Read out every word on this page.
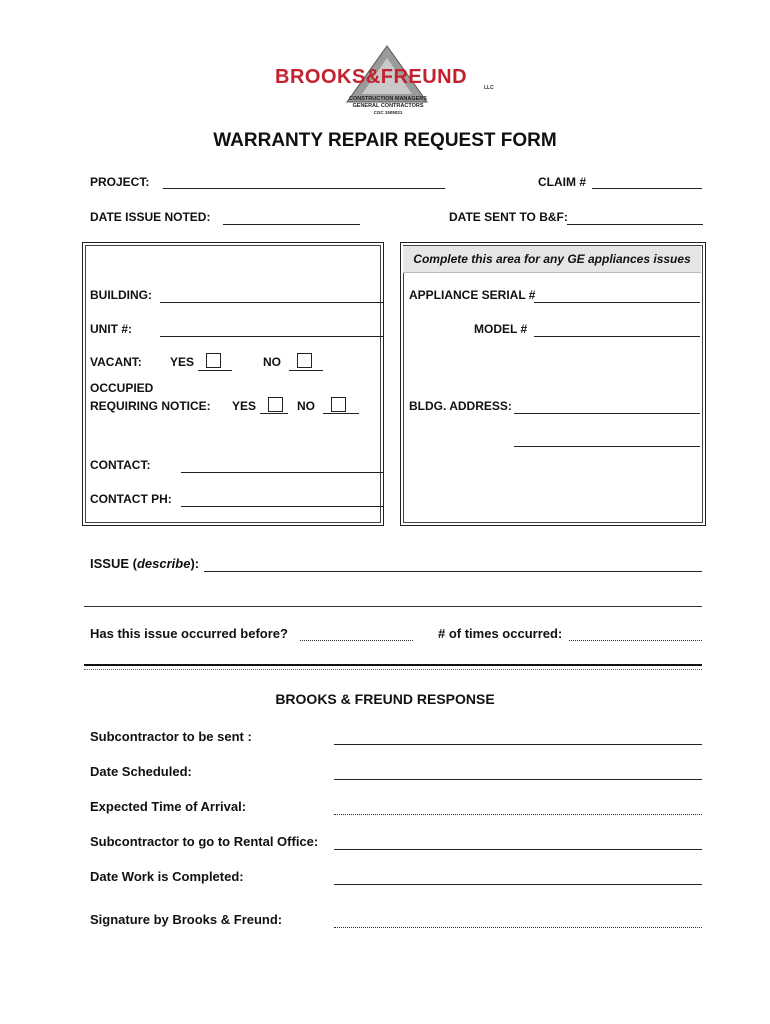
BROOKS&FREUND	LLC
CONSTRUCTION MANAGERS
GENERAL CONTRACTORS
CGC 1505021
WARRANTY REPAIR REQUEST FORM
PROJECT:	CLAIM #
DATE ISSUE NOTED:	DATE SENT TO B&F:
BUILDING:
UNIT #:
VACANT: YES	NO
OCCUPIED
REQUIRING NOTICE: YES	NO
CONTACT:
CONTACT PH:
Complete this area for any GE appliances issues
APPLIANCE SERIAL #
MODEL #
BLDG. ADDRESS:
ISSUE (describe):
Has this issue occurred before?	# of times occurred:
BROOKS & FREUND RESPONSE
Subcontractor to be sent :
Date Scheduled:
Expected Time of Arrival:
Subcontractor to go to Rental Office:
Date Work is Completed:
Signature by Brooks & Freund:
